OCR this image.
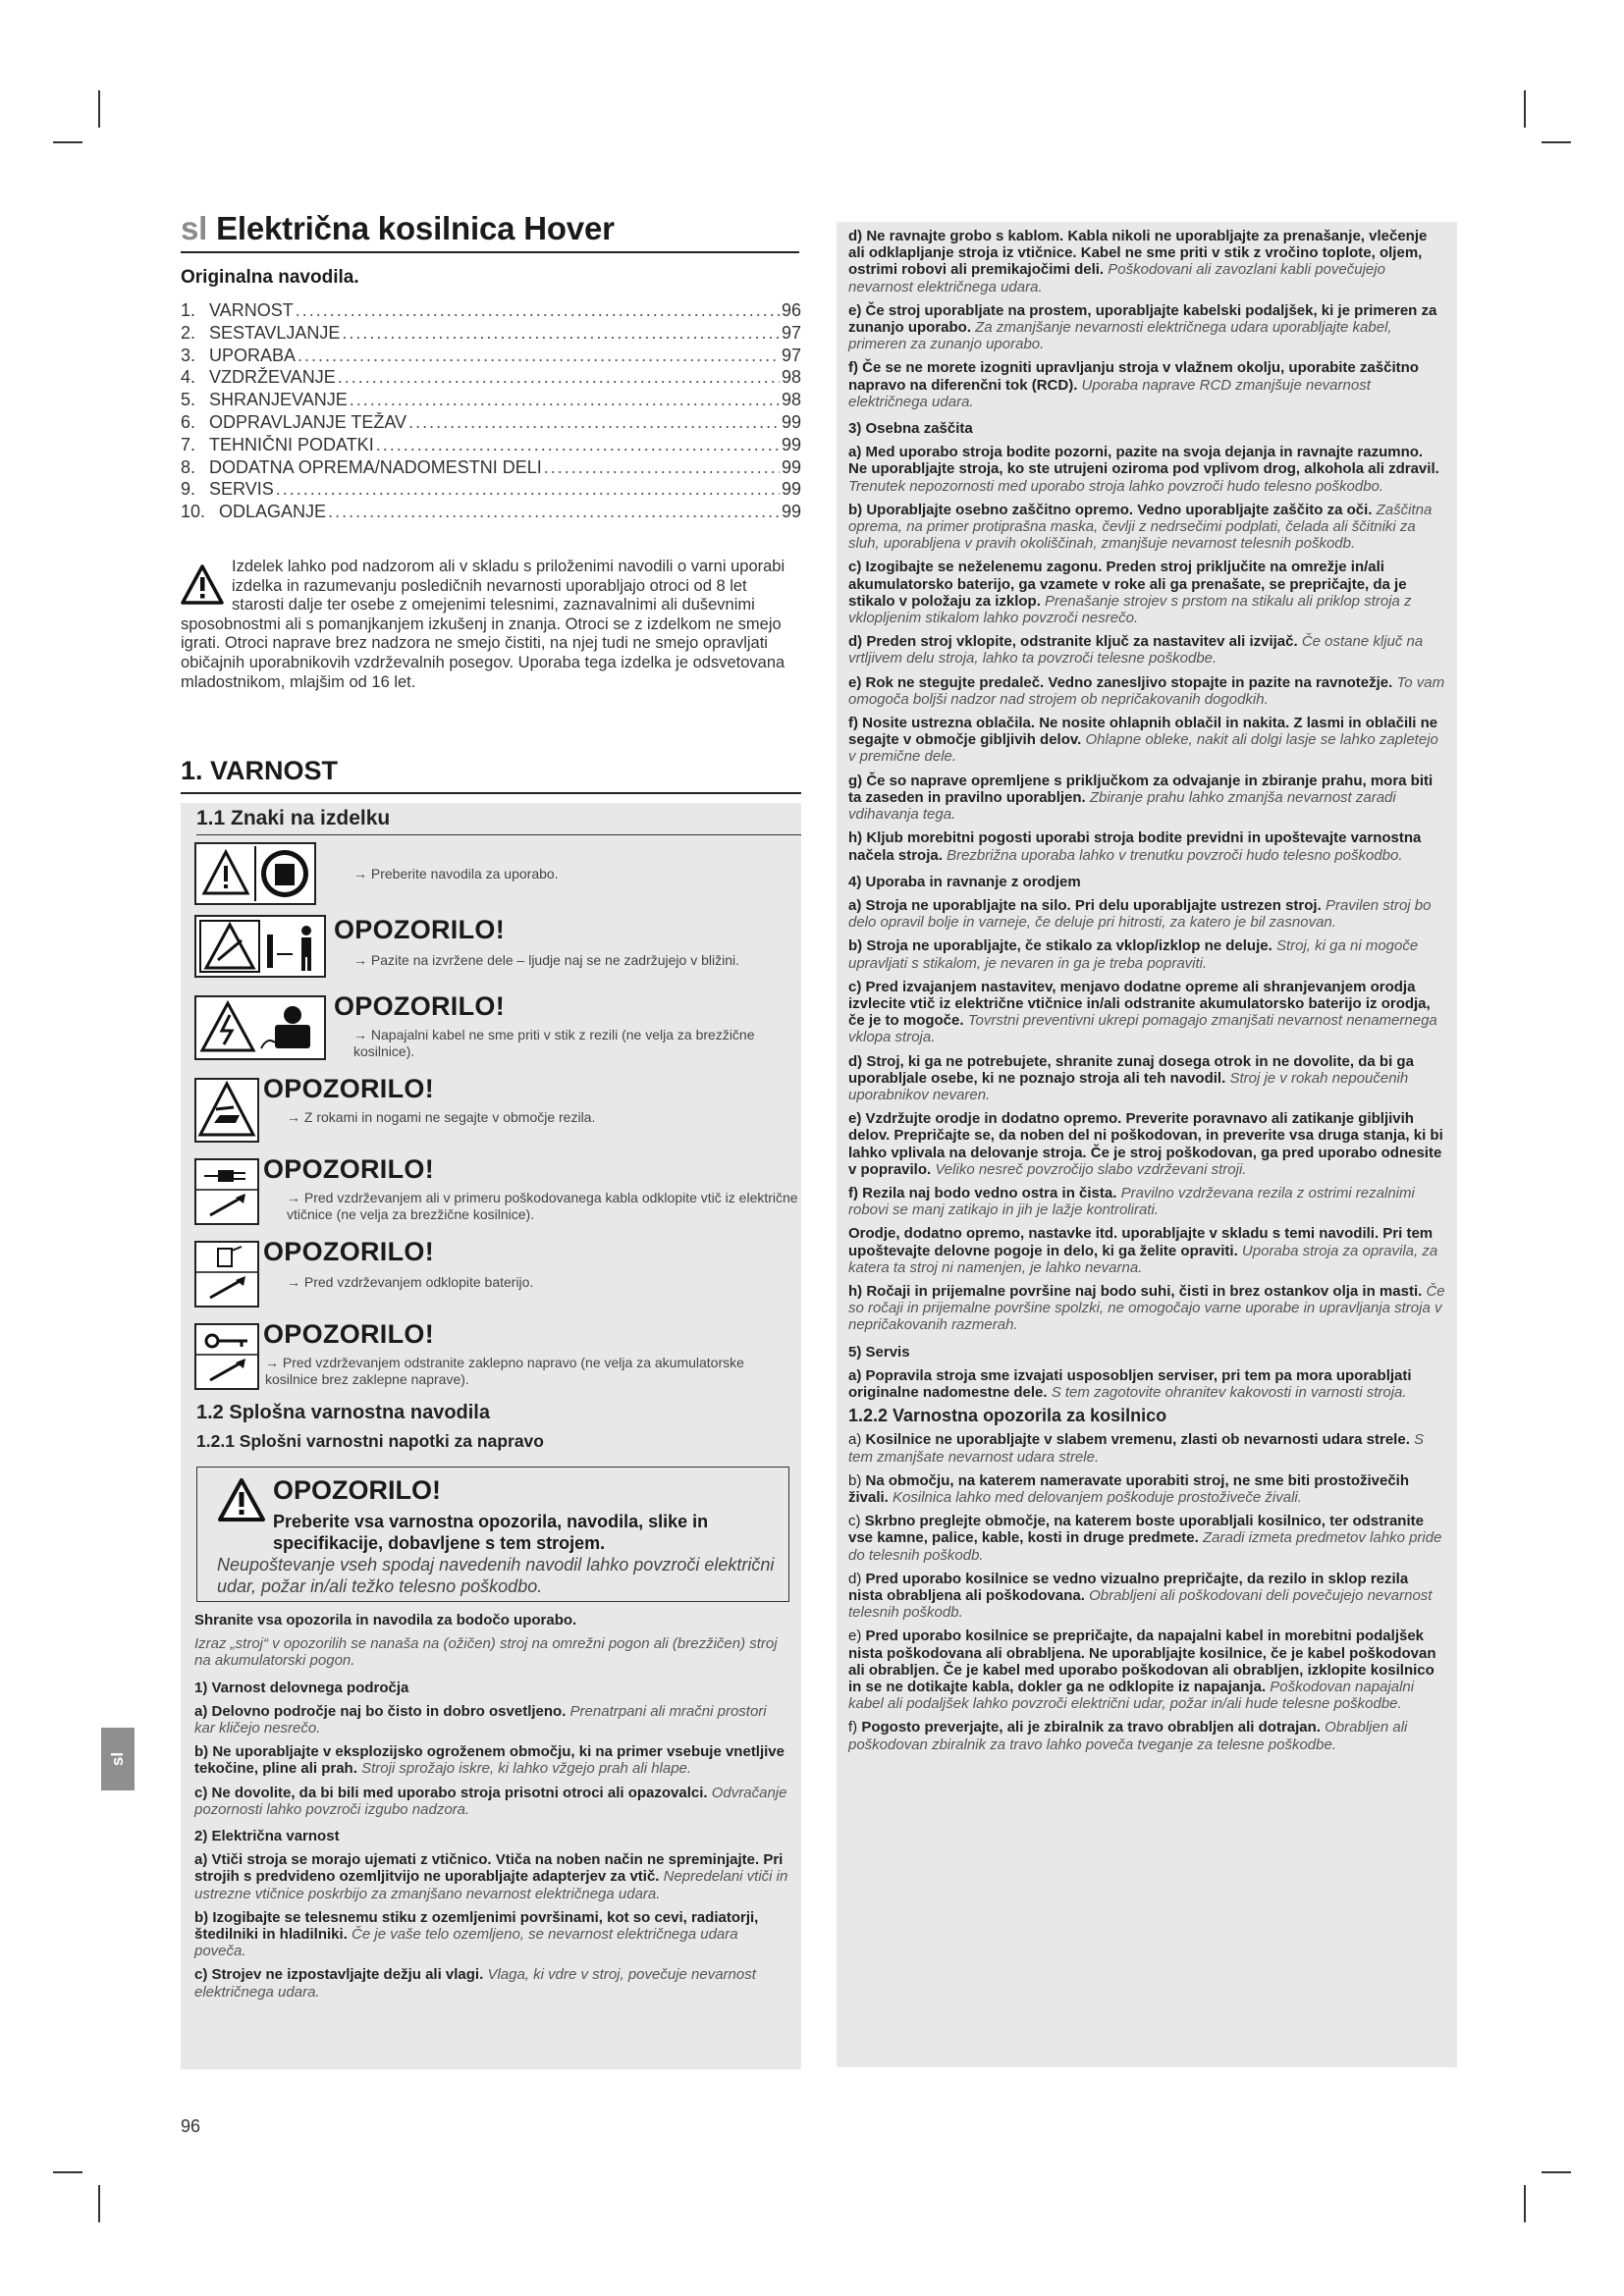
sl Električna kosilnica Hover
Originalna navodila.
1. VARNOST .....	96
2. SESTAVLJANJE .....	97
3. UPORABA .....	97
4. VZDRŽEVANJE .....	98
5. SHRANJEVANJE .....	98
6. ODPRAVLJANJE TEŽAV .....	99
7. TEHNIČNI PODATKI .....	99
8. DODATNA OPREMA/NADOMESTNI DELI .....	99
9. SERVIS .....	99
10. ODLAGANJE .....	99
Izdelek lahko pod nadzorom ali v skladu s priloženimi navodili o varni uporabi izdelka in razumevanju posledičnih nevarnosti uporabljajo otroci od 8 let starosti dalje ter osebe z omejenimi telesnimi, zaznavalnimi ali duševnimi sposobnostmi ali s pomanjkanjem izkušenj in znanja. Otroci se z izdelkom ne smejo igrati. Otroci naprave brez nadzora ne smejo čistiti, na njej tudi ne smejo opravljati običajnih uporabnikovih vzdrževalnih posegov. Uporaba tega izdelka je odsvetovana mladostnikom, mlajšim od 16 let.
1. VARNOST
1.1 Znaki na izdelku
→ Preberite navodila za uporabo.
OPOZORILO!
→ Pazite na izvržene dele – ljudje naj se ne zadržujejo v bližini.
OPOZORILO!
→ Napajalni kabel ne sme priti v stik z rezili (ne velja za brezžične kosilnice).
OPOZORILO!
→ Z rokami in nogami ne segajte v območje rezila.
OPOZORILO!
→ Pred vzdrževanjem ali v primeru poškodovanega kabla odklopite vtič iz električne vtičnice (ne velja za brezžične kosilnice).
OPOZORILO!
→ Pred vzdrževanjem odklopite baterijo.
OPOZORILO!
→ Pred vzdrževanjem odstranite zaklepno napravo (ne velja za akumulatorske kosilnice brez zaklepne naprave).
1.2 Splošna varnostna navodila
1.2.1 Splošni varnostni napotki za napravo
OPOZORILO!
Preberite vsa varnostna opozorila, navodila, slike in specifikacije, dobavljene s tem strojem.
Neupoštevanje vseh spodaj navedenih navodil lahko povzroči električni udar, požar in/ali težko telesno poškodbo.

Shranite vsa opozorila in navodila za bodočo uporabo.

Izraz „stroj“ v opozorilih se nanaša na (ožičen) stroj na omrežni pogon ali (brezžičen) stroj na akumulatorski pogon.

1) Varnost delovnega področja

a) Delovno področje naj bo čisto in dobro osvetljeno. Prenatrpani ali mračni prostori kar kličejo nesrečo.

b) Ne uporabljajte v eksplozijsko ogroženem območju, ki na primer vsebuje vnetljive tekočine, pline ali prah. Stroji sprožajo iskre, ki lahko vžgejo prah ali hlape.

c) Ne dovolite, da bi bili med uporabo stroja prisotni otroci ali opazovalci. Odvračanje pozornosti lahko povzroči izgubo nadzora.

2) Električna varnost

a) Vtiči stroja se morajo ujemati z vtičnico. Vtiča na noben način ne spreminjajte. Pri strojih s predvideno ozemljitvijo ne uporabljajte adapterjev za vtič. Nepredelani vtiči in ustrezne vtičnice poskrbijo za zmanjšano nevarnost električnega udara.

b) Izogibajte se telesnemu stiku z ozemljenimi površinami, kot so cevi, radiatorji, štedilniki in hladilniki. Če je vaše telo ozemljeno, se nevarnost električnega udara poveča.

c) Strojev ne izpostavljajte dežju ali vlagi. Vlaga, ki vdre v stroj, povečuje nevarnost električnega udara.

d) Ne ravnajte grobo s kablom. Kabla nikoli ne uporabljajte za prenašanje, vlečenje ali odklapljanje stroja iz vtičnice. Kabel ne sme priti v stik z vročino toplote, oljem, ostrimi robovi ali premikajočimi deli. Poškodovani ali zavozlani kabli povečujejo nevarnost električnega udara.

e) Če stroj uporabljate na prostem, uporabljajte kabelski podaljšek, ki je primeren za zunanjo uporabo. Za zmanjšanje nevarnosti električnega udara uporabljajte kabel, primeren za zunanjo uporabo.

f) Če se ne morete izogniti upravljanju stroja v vlažnem okolju, uporabite zaščitno napravo na diferenčni tok (RCD). Uporaba naprave RCD zmanjšuje nevarnost električnega udara.

3) Osebna zaščita

a) Med uporabo stroja bodite pozorni, pazite na svoja dejanja in ravnajte razumno. Ne uporabljajte stroja, ko ste utrujeni oziroma pod vplivom drog, alkohola ali zdravil. Trenutek nepozornosti med uporabo stroja lahko povzroči hudo telesno poškodbo.

b) Uporabljajte osebno zaščitno opremo. Vedno uporabljajte zaščito za oči. Zaščitna oprema, na primer protiprašna maska, čevlji z nedrsečimi podplati, čelada ali ščitniki za sluh, uporabljena v pravih okoliščinah, zmanjšuje nevarnost telesnih poškodb.

c) Izogibajte se neželenemu zagonu. Preden stroj priključite na omrežje in/ali akumulatorsko baterijo, ga vzamete v roke ali ga prenašate, se prepričajte, da je stikalo v položaju za izklop. Prenašanje strojev s prstom na stikalu ali priklop stroja z vklopljenim stikalom lahko povzroči nesrečo.

d) Preden stroj vklopite, odstranite ključ za nastavitev ali izvijač. Če ostane ključ na vrtljivem delu stroja, lahko ta povzroči telesne poškodbe.

e) Rok ne stegujte predaleč. Vedno zanesljivo stopajte in pazite na ravnotežje. To vam omogoča boljši nadzor nad strojem ob nepričakovanih dogodkih.

f) Nosite ustrezna oblačila. Ne nosite ohlapnih oblačil in nakita. Z lasmi in oblačili ne segajte v območje gibljivih delov. Ohlapne obleke, nakit ali dolgi lasje se lahko zapletejo v premične dele.

g) Če so naprave opremljene s priključkom za odvajanje in zbiranje prahu, mora biti ta zaseden in pravilno uporabljen. Zbiranje prahu lahko zmanjša nevarnost zaradi vdihavanja tega.

h) Kljub morebitni pogosti uporabi stroja bodite previdni in upoštevajte varnostna načela stroja. Brezbrižna uporaba lahko v trenutku povzroči hudo telesno poškodbo.

4) Uporaba in ravnanje z orodjem

a) Stroja ne uporabljajte na silo. Pri delu uporabljajte ustrezen stroj. Pravilen stroj bo delo opravil bolje in varneje, če deluje pri hitrosti, za katero je bil zasnovan.

b) Stroja ne uporabljajte, če stikalo za vklop/izklop ne deluje. Stroj, ki ga ni mogoče upravljati s stikalom, je nevaren in ga je treba popraviti.

c) Pred izvajanjem nastavitev, menjavo dodatne opreme ali shranjevanjem orodja izvlecite vtič iz električne vtičnice in/ali odstranite akumulatorsko baterijo iz orodja, če je to mogoče. Tovrstni preventivni ukrepi pomagajo zmanjšati nevarnost nenamernega vklopa stroja.

d) Stroj, ki ga ne potrebujete, shranite zunaj dosega otrok in ne dovolite, da bi ga uporabljale osebe, ki ne poznajo stroja ali teh navodil. Stroj je v rokah nepoučenih uporabnikov nevaren.

e) Vzdržujte orodje in dodatno opremo. Preverite poravnavo ali zatikanje gibljivih delov. Prepričajte se, da noben del ni poškodovan, in preverite vsa druga stanja, ki bi lahko vplivala na delovanje stroja. Če je stroj poškodovan, ga pred uporabo odnesite v popravilo. Veliko nesreč povzročijo slabo vzdrževani stroji.

f) Rezila naj bodo vedno ostra in čista. Pravilno vzdrževana rezila z ostrimi rezalnimi robovi se manj zatikajo in jih je lažje kontrolirati.

Orodje, dodatno opremo, nastavke itd. uporabljajte v skladu s temi navodili. Pri tem upoštevajte delovne pogoje in delo, ki ga želite opraviti. Uporaba stroja za opravila, za katera ta stroj ni namenjen, je lahko nevarna.

h) Ročaji in prijemalne površine naj bodo suhi, čisti in brez ostankov olja in masti. Če so ročaji in prijemalne površine spolzki, ne omogočajo varne uporabe in upravljanja stroja v nepričakovanih razmerah.

5) Servis

a) Popravila stroja sme izvajati usposobljen serviser, pri tem pa mora uporabljati originalne nadomestne dele. S tem zagotovite ohranitev kakovosti in varnosti stroja.

1.2.2 Varnostna opozorila za kosilnico

a) Kosilnice ne uporabljajte v slabem vremenu, zlasti ob nevarnosti udara strele. S tem zmanjšate nevarnost udara strele.

b) Na območju, na katerem nameravate uporabiti stroj, ne sme biti prostoživečih živali. Kosilnica lahko med delovanjem poškoduje prostoživeče živali.

c) Skrbno preglejte območje, na katerem boste uporabljali kosilnico, ter odstranite vse kamne, palice, kable, kosti in druge predmete. Zaradi izmeta predmetov lahko pride do telesnih poškodb.

d) Pred uporabo kosilnice se vedno vizualno prepričajte, da rezilo in sklop rezila nista obrabljena ali poškodovana. Obrabljeni ali poškodovani deli povečujejo nevarnost telesnih poškodb.

e) Pred uporabo kosilnice se prepričajte, da napajalni kabel in morebitni podaljšek nista poškodovana ali obrabljena. Ne uporabljajte kosilnice, če je kabel poškodovan ali obrabljen. Če je kabel med uporabo poškodovan ali obrabljen, izklopite kosilnico in se ne dotikajte kabla, dokler ga ne odklopite iz napajanja. Poškodovan napajalni kabel ali podaljšek lahko povzroči električni udar, požar in/ali hude telesne poškodbe.

f) Pogosto preverjajte, ali je zbiralnik za travo obrabljen ali dotrajan. Obrabljen ali poškodovan zbiralnik za travo lahko poveča tveganje za telesne poškodbe.

sl
96
